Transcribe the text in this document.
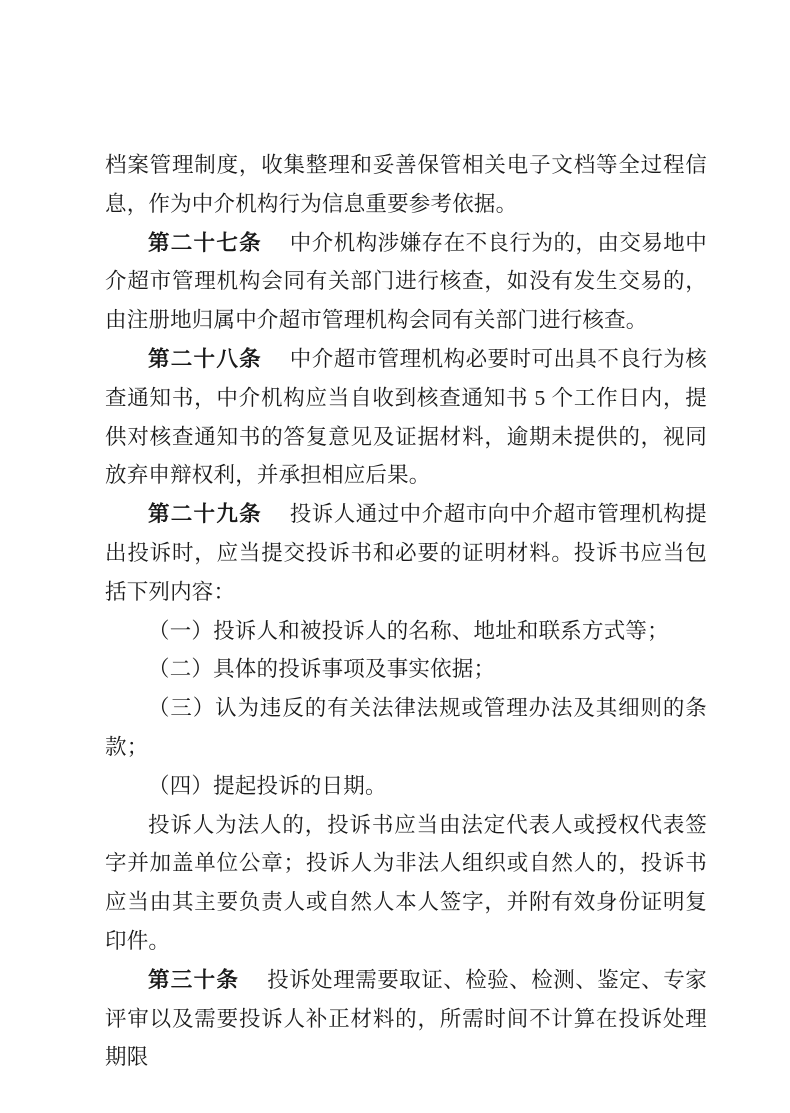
档案管理制度，收集整理和妥善保管相关电子文档等全过程信息，作为中介机构行为信息重要参考依据。

第二十七条 中介机构涉嫌存在不良行为的，由交易地中介超市管理机构会同有关部门进行核查，如没有发生交易的，由注册地归属中介超市管理机构会同有关部门进行核查。

第二十八条 中介超市管理机构必要时可出具不良行为核查通知书，中介机构应当自收到核查通知书 5 个工作日内，提供对核查通知书的答复意见及证据材料，逾期未提供的，视同放弃申辩权利，并承担相应后果。

第二十九条 投诉人通过中介超市向中介超市管理机构提出投诉时，应当提交投诉书和必要的证明材料。投诉书应当包括下列内容：

（一）投诉人和被投诉人的名称、地址和联系方式等；

（二）具体的投诉事项及事实依据；

（三）认为违反的有关法律法规或管理办法及其细则的条款；

（四）提起投诉的日期。

投诉人为法人的，投诉书应当由法定代表人或授权代表签字并加盖单位公章；投诉人为非法人组织或自然人的，投诉书应当由其主要负责人或自然人本人签字，并附有效身份证明复印件。

第三十条 投诉处理需要取证、检验、检测、鉴定、专家评审以及需要投诉人补正材料的，所需时间不计算在投诉处理期限
